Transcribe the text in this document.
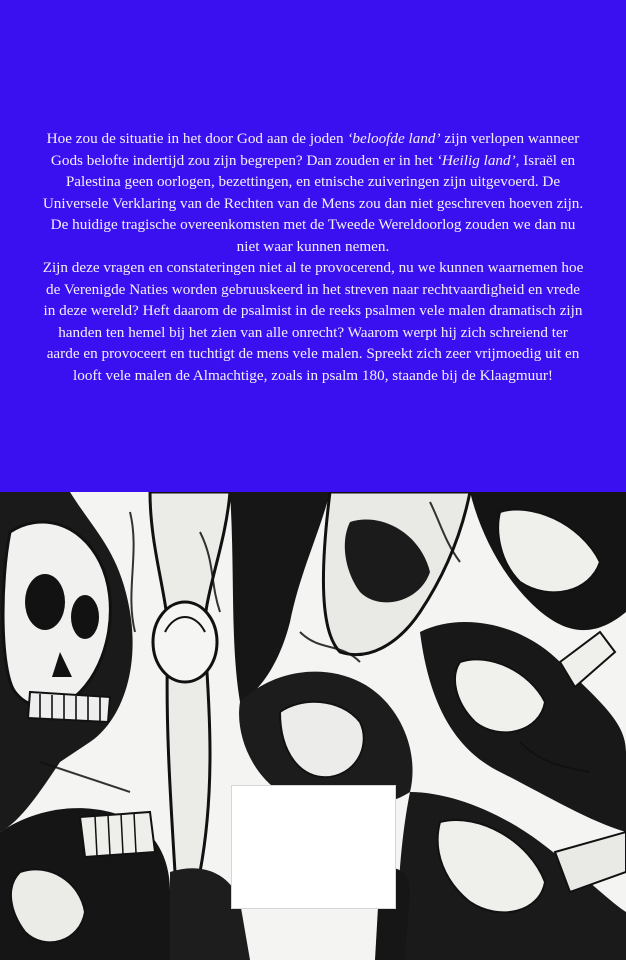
Hoe zou de situatie in het door God aan de joden ‘beloofde land’ zijn verlopen wanneer Gods belofte indertijd zou zijn begrepen? Dan zouden er in het ‘Heilig land’, Israël en Palestina geen oorlogen, bezettingen, en etnische zuiveringen zijn uitgevoerd. De Universele Verklaring van de Rechten van de Mens zou dan niet geschreven hoeven zijn.

De huidige tragische overeenkomsten met de Tweede Wereldoorlog zouden we dan nu niet waar kunnen nemen.

Zijn deze vragen en constateringen niet al te provocerend, nu we kunnen waarnemen hoe de Verenigde Naties worden gebruuskeerd in het streven naar rechtvaardigheid en vrede in deze wereld? Heft daarom de psalmist in de reeks psalmen vele malen dramatisch zijn handen ten hemel bij het zien van alle onrecht? Waarom werpt hij zich schreiend ter aarde en provoceert en tuchtigt de mens vele malen. Spreekt zich zeer vrijmoedig uit en looft vele malen de Almachtige, zoals in psalm 180, staande bij de Klaagmuur!
